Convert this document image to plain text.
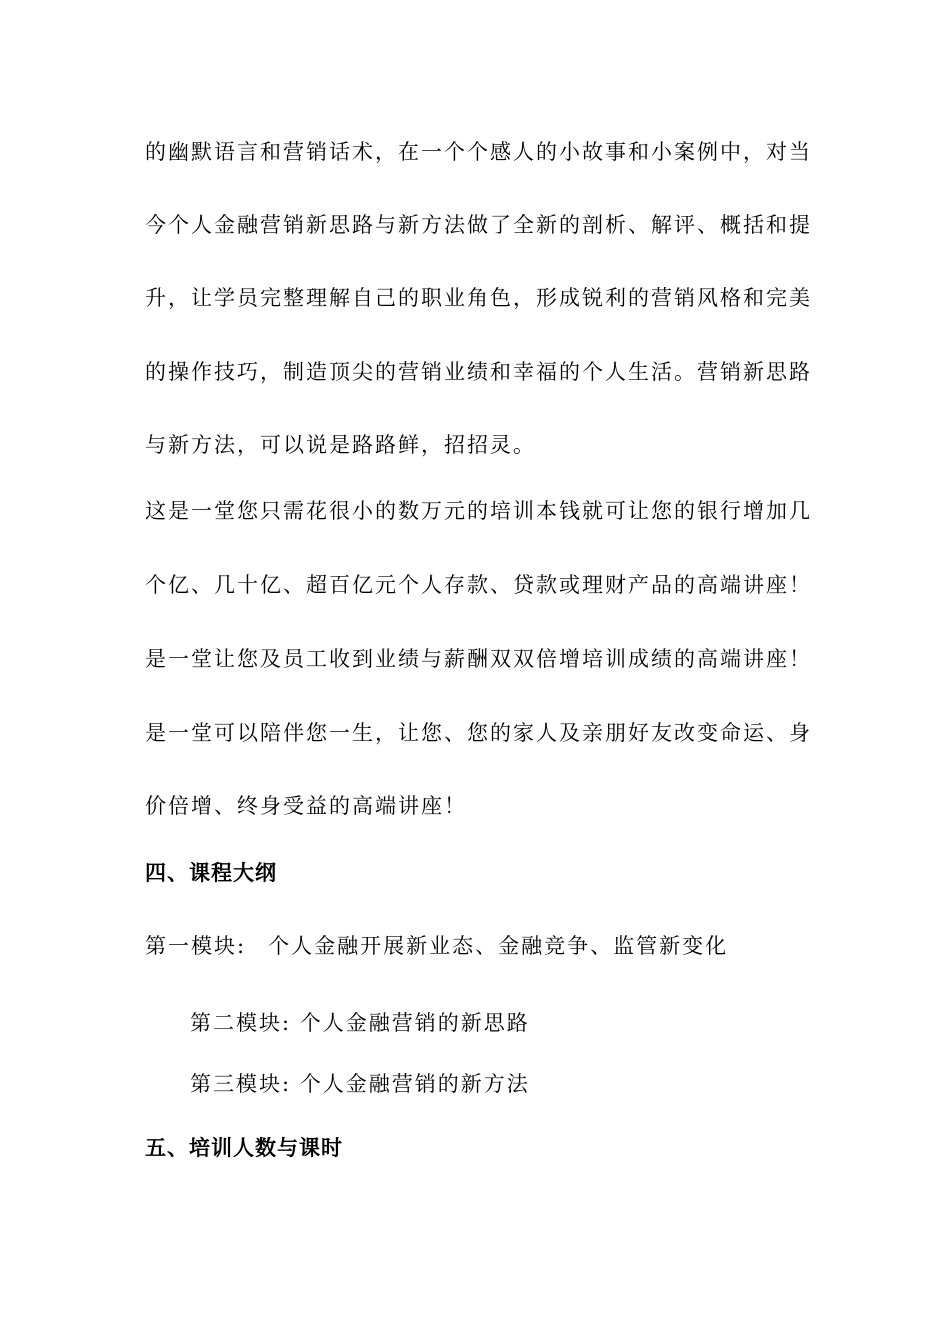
的幽默语言和营销话术，在一个个感人的小故事和小案例中，对当
今个人金融营销新思路与新方法做了全新的剖析、解评、概括和提
升，让学员完整理解自己的职业角色，形成锐利的营销风格和完美
的操作技巧，制造顶尖的营销业绩和幸福的个人生活。营销新思路
与新方法，可以说是路路鲜，招招灵。
这是一堂您只需花很小的数万元的培训本钱就可让您的银行增加几
个亿、几十亿、超百亿元个人存款、贷款或理财产品的高端讲座！
是一堂让您及员工收到业绩与薪酬双双倍增培训成绩的高端讲座！
是一堂可以陪伴您一生，让您、您的家人及亲朋好友改变命运、身
价倍增、终身受益的高端讲座！
四、课程大纲
第一模块: 个人金融开展新业态、金融竞争、监管新变化
第二模块: 个人金融营销的新思路
第三模块: 个人金融营销的新方法
五、培训人数与课时
